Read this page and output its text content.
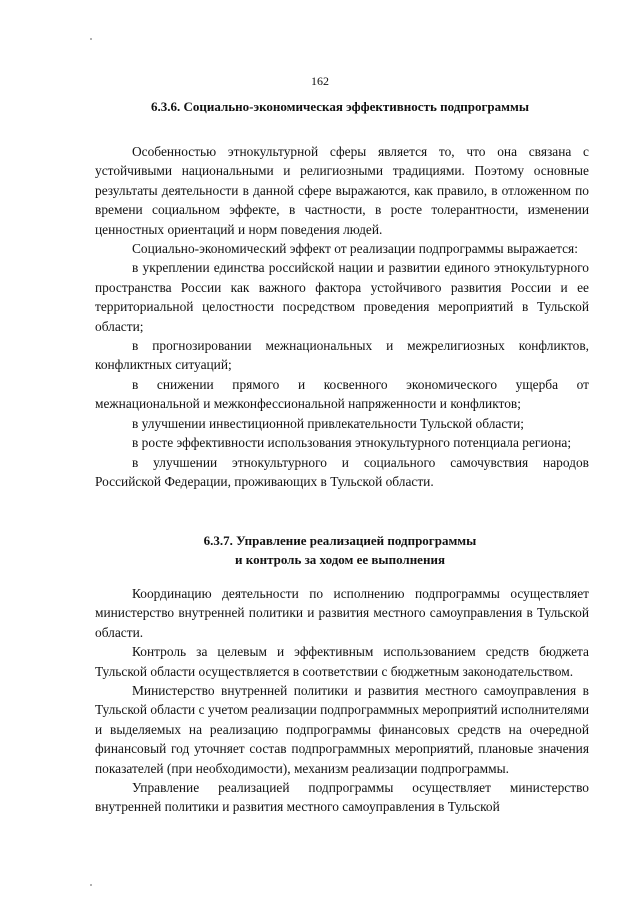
162
6.3.6. Социально-экономическая эффективность подпрограммы

Особенностью этнокультурной сферы является то, что она связана с устойчивыми национальными и религиозными традициями. Поэтому основные результаты деятельности в данной сфере выражаются, как правило, в отложенном по времени социальном эффекте, в частности, в росте толерантности, изменении ценностных ориентаций и норм поведения людей.

Социально-экономический эффект от реализации подпрограммы выражается:

в укреплении единства российской нации и развитии единого этнокультурного пространства России как важного фактора устойчивого развития России и ее территориальной целостности посредством проведения мероприятий в Тульской области;

в прогнозировании межнациональных и межрелигиозных конфликтов, конфликтных ситуаций;

в снижении прямого и косвенного экономического ущерба от межнациональной и межконфессиональной напряженности и конфликтов;

в улучшении инвестиционной привлекательности Тульской области;

в росте эффективности использования этнокультурного потенциала региона;

в улучшении этнокультурного и социального самочувствия народов Российской Федерации, проживающих в Тульской области.

6.3.7. Управление реализацией подпрограммы
и контроль за ходом ее выполнения

Координацию деятельности по исполнению подпрограммы осуществляет министерство внутренней политики и развития местного самоуправления в Тульской области.

Контроль за целевым и эффективным использованием средств бюджета Тульской области осуществляется в соответствии с бюджетным законодательством.

Министерство внутренней политики и развития местного самоуправления в Тульской области с учетом реализации подпрограммных мероприятий исполнителями и выделяемых на реализацию подпрограммы финансовых средств на очередной финансовый год уточняет состав подпрограммных мероприятий, плановые значения показателей (при необходимости), механизм реализации подпрограммы.

Управление реализацией подпрограммы осуществляет министерство внутренней политики и развития местного самоуправления в Тульской
